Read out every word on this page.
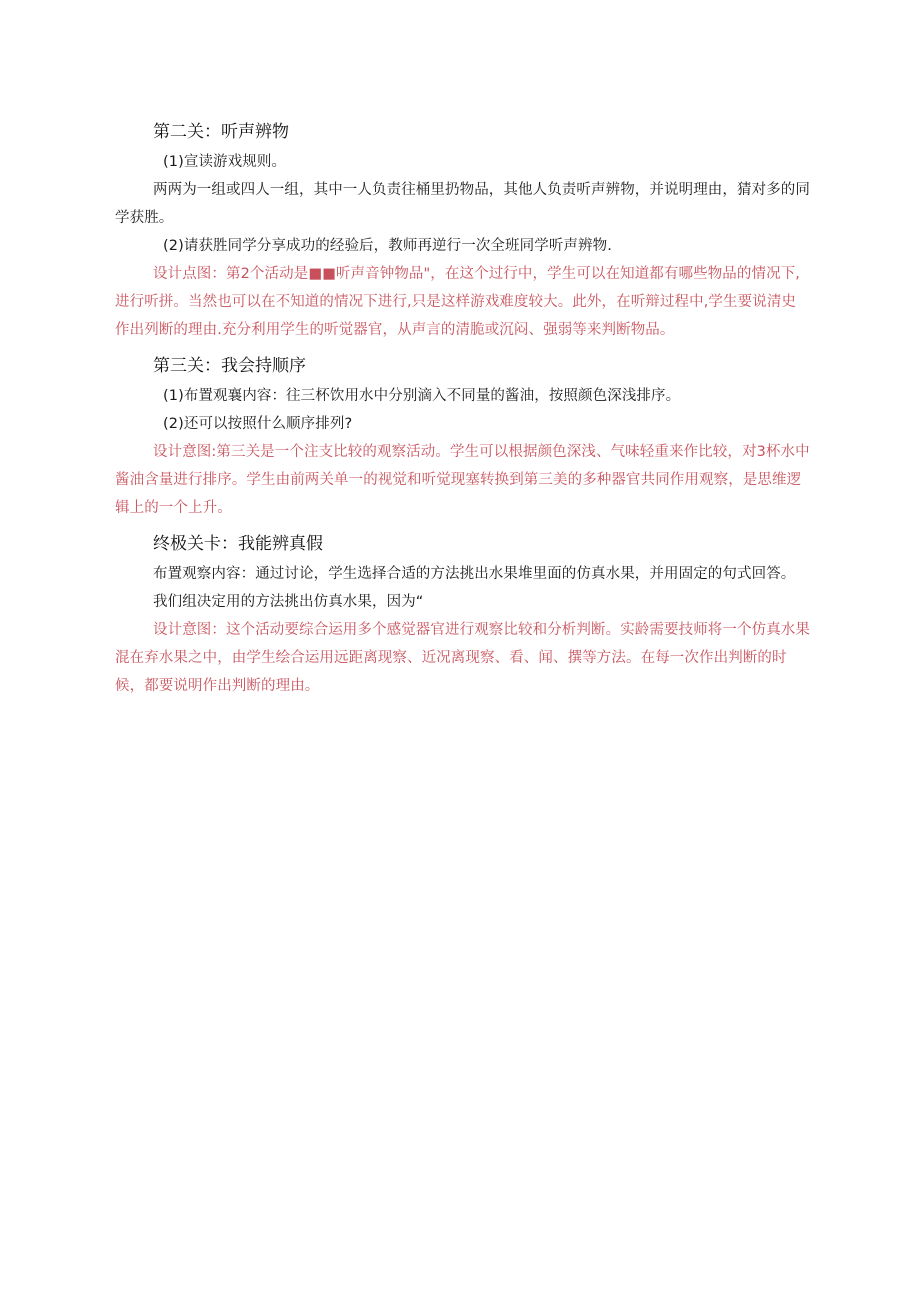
第二关：听声辨物

(1)宣读游戏规则。

两两为一组或四人一组，其中一人负责往桶里扔物品，其他人负责听声辨物，并说明理由，猜对多的同学获胜。

(2)请获胜同学分享成功的经验后，教师再逆行一次全班同学听声辨物.

设计点图：第2个活动是■■听声音钟物品"，在这个过行中，学生可以在知道都有哪些物品的情况下,进行听拼。当然也可以在不知道的情况下进行,只是这样游戏难度较大。此外，在听辩过程中,学生要说清史作出列断的理由.充分利用学生的听觉器官，从声言的清脆或沉闷、强弱等来判断物品。

第三关：我会持顺序

(1)布置观襄内容：往三杯饮用水中分别滴入不同量的酱油，按照颜色深浅排序。

(2)还可以按照什么顺序排列?

设计意图:第三关是一个注支比较的观察活动。学生可以根据颜色深浅、气味轻重来作比较，对3杯水中酱油含量进行排序。学生由前两关单一的视觉和听觉现塞转换到第三美的多种器官共同作用观察，是思维逻辑上的一个上升。

终极关卡：我能辨真假

布置观察内容：通过讨论，学生选择合适的方法挑出水果堆里面的仿真水果，并用固定的句式回答。

我们组决定用的方法挑出仿真水果，因为“

设计意图：这个活动要综合运用多个感觉器官进行观察比较和分析判断。实龄需要技师将一个仿真水果混在弃水果之中，由学生绘合运用远距离现察、近况离现察、看、闻、撰等方法。在每一次作出判断的时候，都要说明作出判断的理由。
